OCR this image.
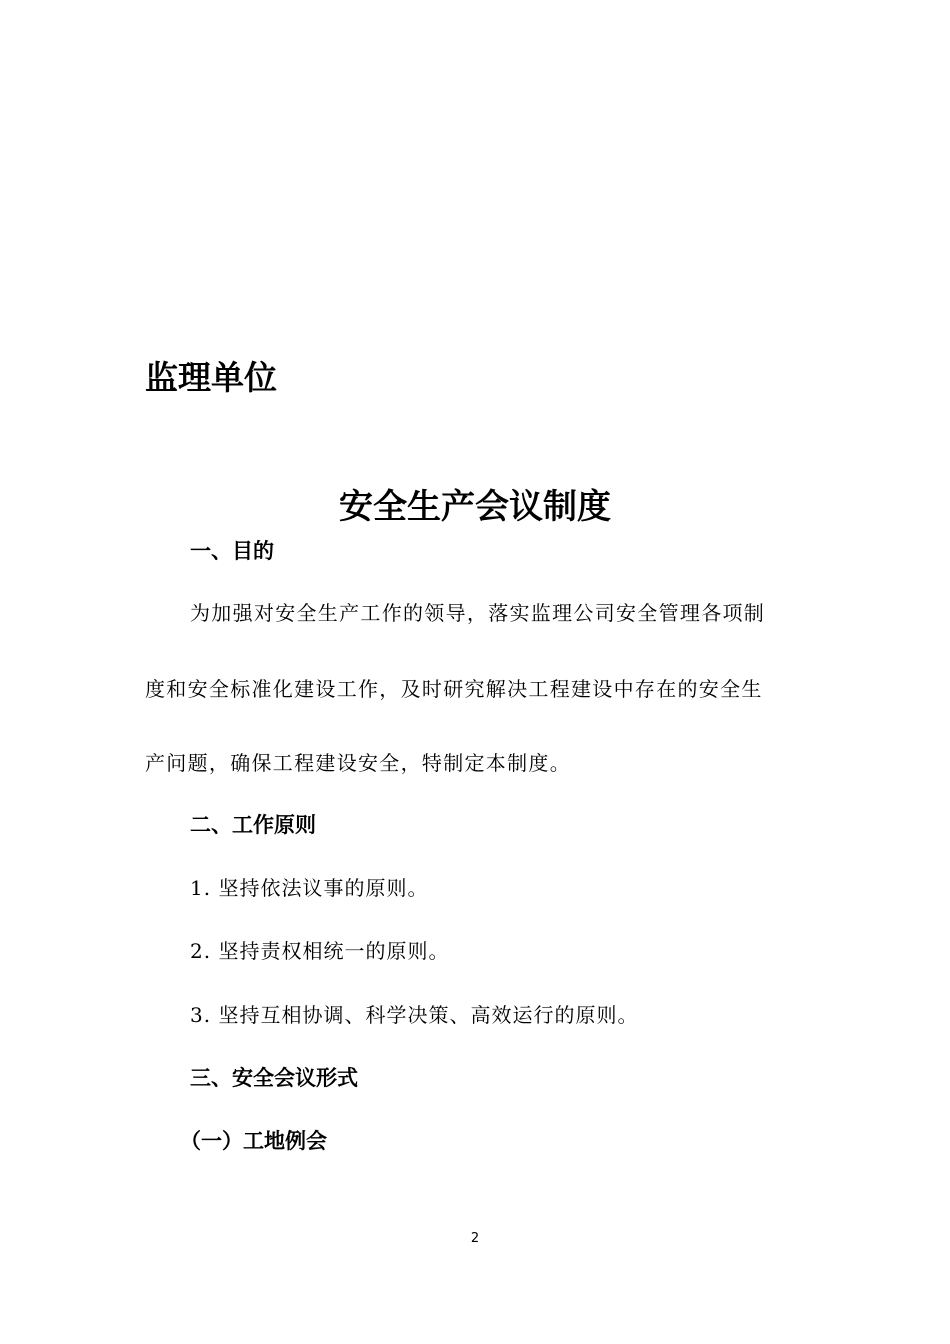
监理单位
安全生产会议制度
一、目的
为加强对安全生产工作的领导，落实监理公司安全管理各项制
度和安全标准化建设工作，及时研究解决工程建设中存在的安全生
产问题，确保工程建设安全，特制定本制度。
二、工作原则
1. 坚持依法议事的原则。
2. 坚持责权相统一的原则。
3. 坚持互相协调、科学决策、高效运行的原则。
三、安全会议形式
（一）工地例会
2
